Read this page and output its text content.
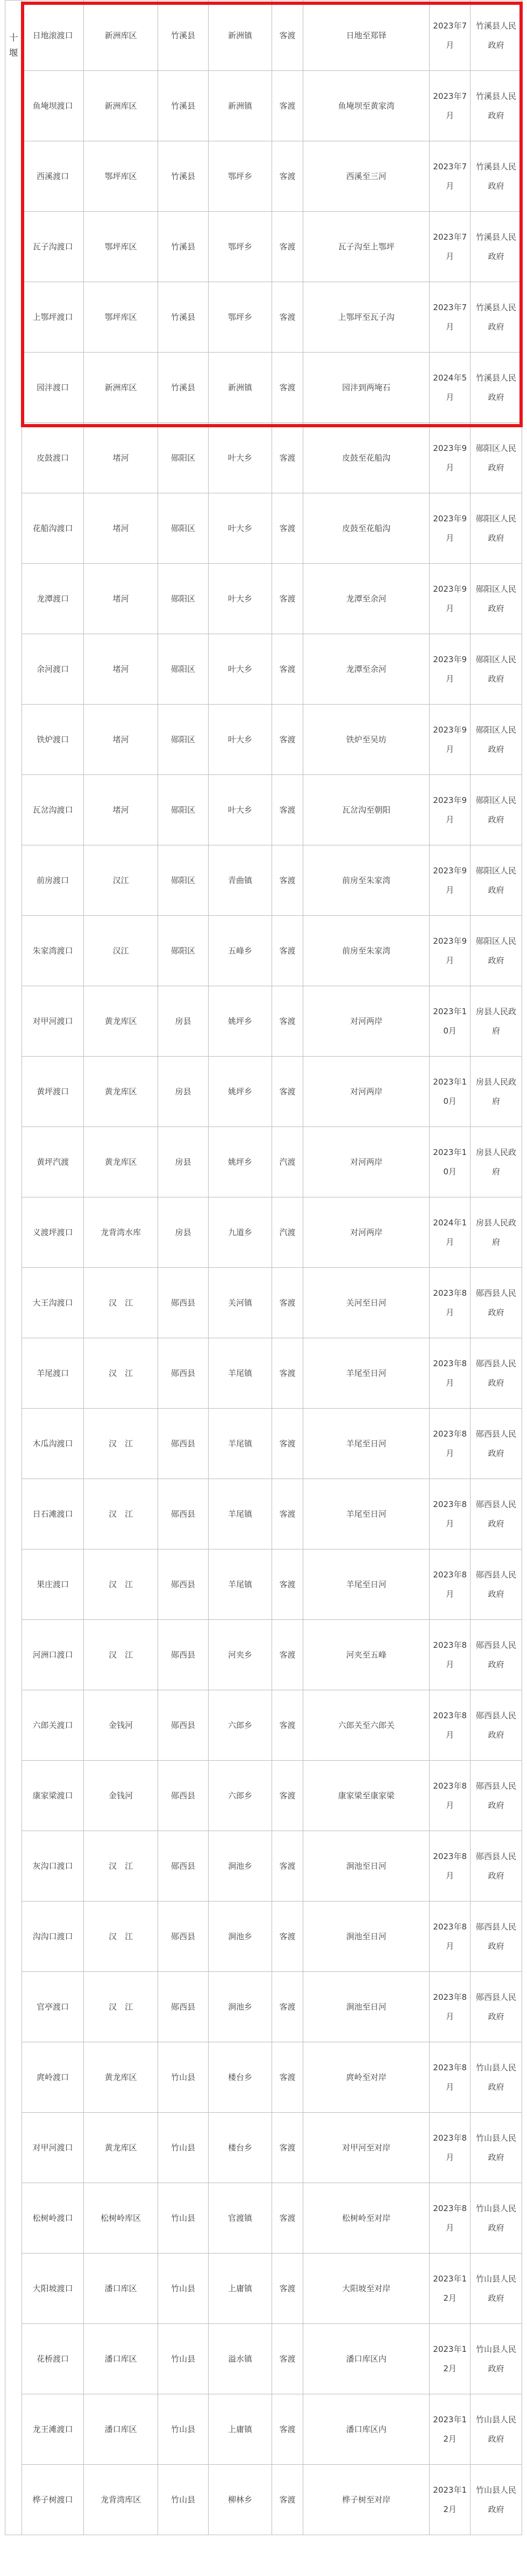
十堰	日地滚渡口	新洲库区	竹溪县	新洲镇	客渡	日地至郑铎	2023年7月	竹溪县人民政府
	鱼埯坝渡口	新洲库区	竹溪县	新洲镇	客渡	鱼埯坝至黄家湾	2023年7月	竹溪县人民政府
	西溪渡口	鄂坪库区	竹溪县	鄂坪乡	客渡	西溪至三河	2023年7月	竹溪县人民政府
	瓦子沟渡口	鄂坪库区	竹溪县	鄂坪乡	客渡	瓦子沟至上鄂坪	2023年7月	竹溪县人民政府
	上鄂坪渡口	鄂坪库区	竹溪县	鄂坪乡	客渡	上鄂坪至瓦子沟	2023年7月	竹溪县人民政府
	园沣渡口	新洲库区	竹溪县	新洲镇	客渡	园沣到两埯石	2024年5月	竹溪县人民政府
	皮鼓渡口	堵河	郧阳区	叶大乡	客渡	皮鼓至花船沟	2023年9月	郧阳区人民政府
	花船沟渡口	堵河	郧阳区	叶大乡	客渡	皮鼓至花船沟	2023年9月	郧阳区人民政府
	龙潭渡口	堵河	郧阳区	叶大乡	客渡	龙潭至余河	2023年9月	郧阳区人民政府
	余河渡口	堵河	郧阳区	叶大乡	客渡	龙潭至余河	2023年9月	郧阳区人民政府
	铁炉渡口	堵河	郧阳区	叶大乡	客渡	铁炉至吴坊	2023年9月	郧阳区人民政府
	瓦岔沟渡口	堵河	郧阳区	叶大乡	客渡	瓦岔沟至朝阳	2023年9月	郧阳区人民政府
	前房渡口	汉江	郧阳区	青曲镇	客渡	前房至朱家湾	2023年9月	郧阳区人民政府
	朱家湾渡口	汉江	郧阳区	五峰乡	客渡	前房至朱家湾	2023年9月	郧阳区人民政府
	对甲河渡口	黄龙库区	房县	姚坪乡	客渡	对河两岸	2023年10月	房县人民政府
	黄坪渡口	黄龙库区	房县	姚坪乡	客渡	对河两岸	2023年10月	房县人民政府
	黄坪汽渡	黄龙库区	房县	姚坪乡	汽渡	对河两岸	2023年10月	房县人民政府
	义渡坪渡口	龙背湾水库	房县	九道乡	汽渡	对河两岸	2024年1月	房县人民政府
	大王沟渡口	汉　江	郧西县	关河镇	客渡	关河至日河	2023年8月	郧西县人民政府
	羊尾渡口	汉　江	郧西县	羊尾镇	客渡	羊尾至日河	2023年8月	郧西县人民政府
	木瓜沟渡口	汉　江	郧西县	羊尾镇	客渡	羊尾至日河	2023年8月	郧西县人民政府
	日石滩渡口	汉　江	郧西县	羊尾镇	客渡	羊尾至日河	2023年8月	郧西县人民政府
	果庄渡口	汉　江	郧西县	羊尾镇	客渡	羊尾至日河	2023年8月	郧西县人民政府
	河洲口渡口	汉　江	郧西县	河夹乡	客渡	河夹至五峰	2023年8月	郧西县人民政府
	六郎关渡口	金钱河	郧西县	六郎乡	客渡	六郎关至六郎关	2023年8月	郧西县人民政府
	康家梁渡口	金钱河	郧西县	六郎乡	客渡	康家梁至康家梁	2023年8月	郧西县人民政府
	灰沟口渡口	汉　江	郧西县	涧池乡	客渡	涧池至日河	2023年8月	郧西县人民政府
	沟沟口渡口	汉　江	郧西县	涧池乡	客渡	涧池至日河	2023年8月	郧西县人民政府
	官亭渡口	汉　江	郧西县	涧池乡	客渡	涧池至日河	2023年8月	郧西县人民政府
	庹岭渡口	黄龙库区	竹山县	楼台乡	客渡	庹岭至对岸	2023年8月	竹山县人民政府
	对甲河渡口	黄龙库区	竹山县	楼台乡	客渡	对甲河至对岸	2023年8月	竹山县人民政府
	松树岭渡口	松树岭库区	竹山县	官渡镇	客渡	松树岭至对岸	2023年8月	竹山县人民政府
	大阳坡渡口	潘口库区	竹山县	上庸镇	客渡	大阳坡至对岸	2023年12月	竹山县人民政府
	花桥渡口	潘口库区	竹山县	溢水镇	客渡	潘口库区内	2023年12月	竹山县人民政府
	龙王滩渡口	潘口库区	竹山县	上庸镇	客渡	潘口库区内	2023年12月	竹山县人民政府
	桦子树渡口	龙背湾库区	竹山县	柳林乡	客渡	桦子树至对岸	2023年12月	竹山县人民政府
